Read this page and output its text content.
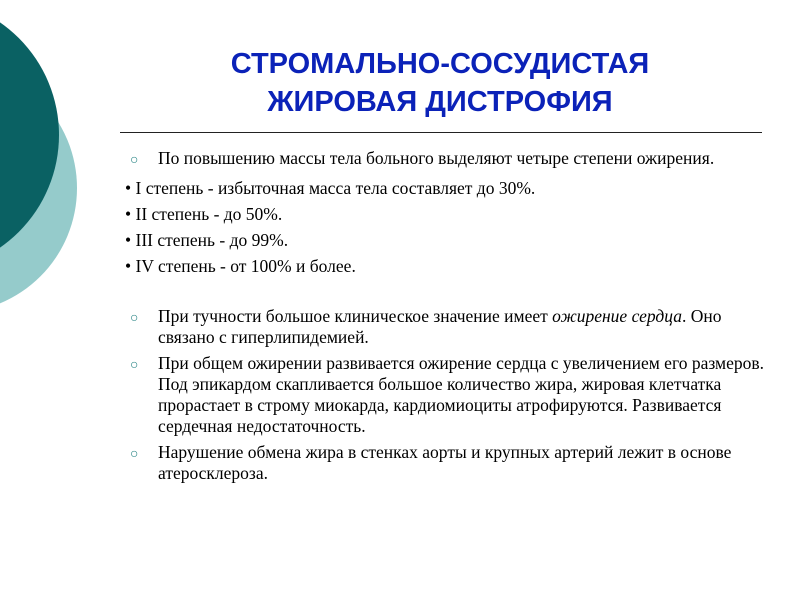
СТРОМАЛЬНО-СОСУДИСТАЯ
ЖИРОВАЯ ДИСТРОФИЯ

○ По повышению массы тела больного выделяют четыре степени ожирения.

• I степень - избыточная масса тела составляет до 30%.

• II степень - до 50%.

• III степень - до 99%.

• IV степень - от 100% и более.

○ При тучности большое клиническое значение имеет ожирение сердца. Оно связано с гиперлипидемией.

○ При общем ожирении развивается ожирение сердца с увеличением его размеров. Под эпикардом скапливается большое количество жира, жировая клетчатка прорастает в строму миокарда, кардиомиоциты атрофируются. Развивается сердечная недостаточность.

○ Нарушение обмена жира в стенках аорты и крупных артерий лежит в основе атеросклероза.
